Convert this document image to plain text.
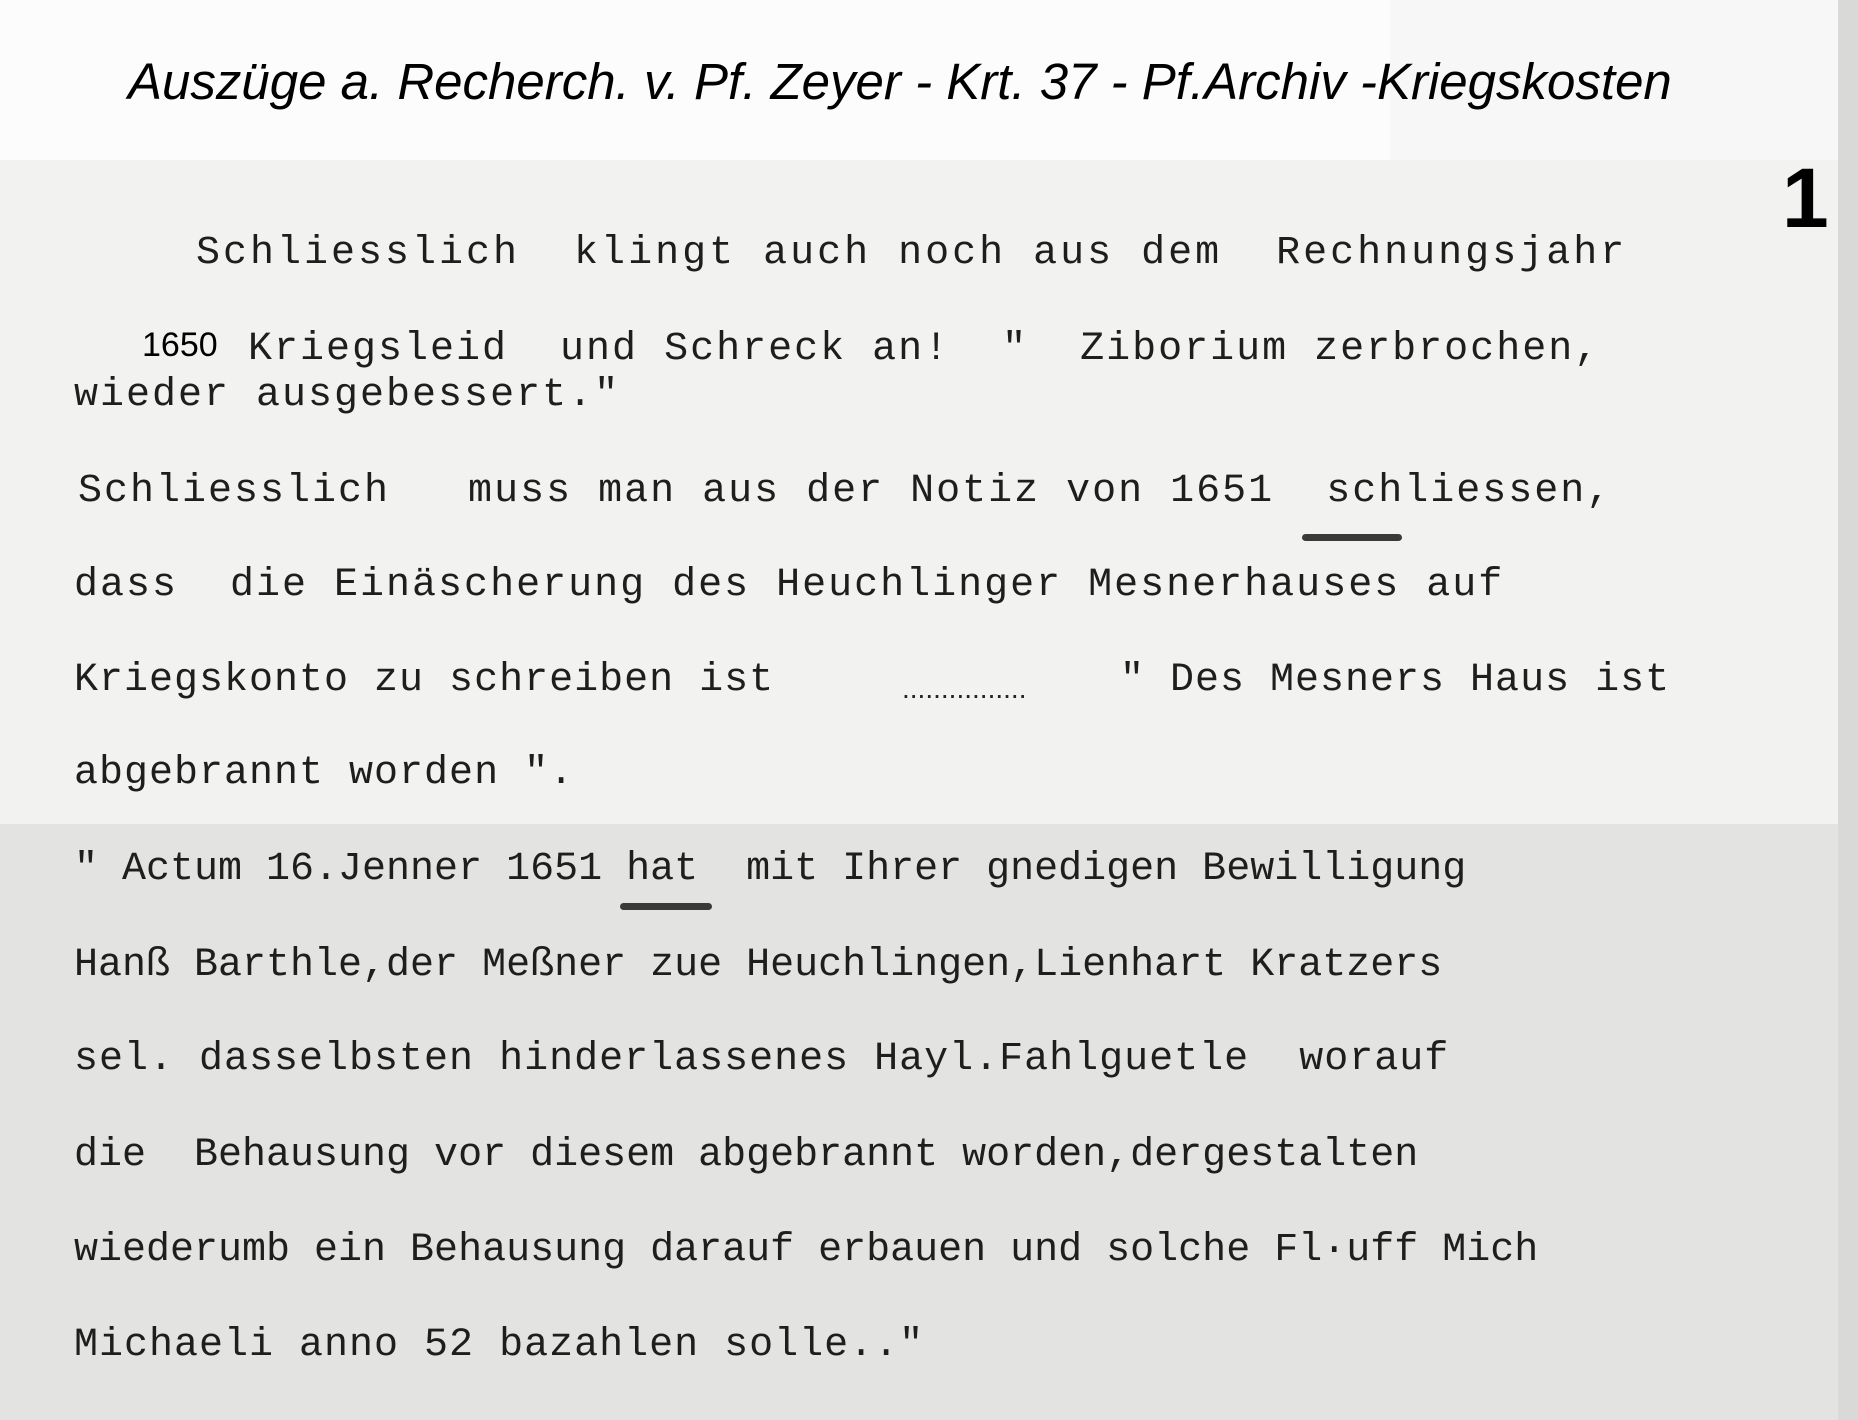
Auszüge a. Recherch. v. Pf. Zeyer - Krt. 37 - Pf.Archiv -Kriegskosten
1
Schliesslich  klingt auch noch aus dem  Rechnungsjahr
1650 Kriegsleid  und Schreck an!  "  Ziborium zerbrochen,
wieder ausgebessert."
Schliesslich   muss man aus der Notiz von 1651  schliessen,
dass  die Einäscherung des Heuchlinger Mesnerhauses auf
Kriegskonto zu schreiben ist	................ " Des Mesners Haus ist
abgebrannt worden ".
" Actum 16.Jenner 1651 hat  mit Ihrer gnedigen Bewilligung
Hanß Barthle,der Meßner zue Heuchlingen,Lienhart Kratzers
sel. dasselbsten hinderlassenes Hayl.Fahlguetle  worauf
die  Behausung vor diesem abgebrannt worden,dergestalten
wiederumb ein Behausung darauf erbauen und solche Fl·uff Mich
Michaeli anno 52 bazahlen solle.."
